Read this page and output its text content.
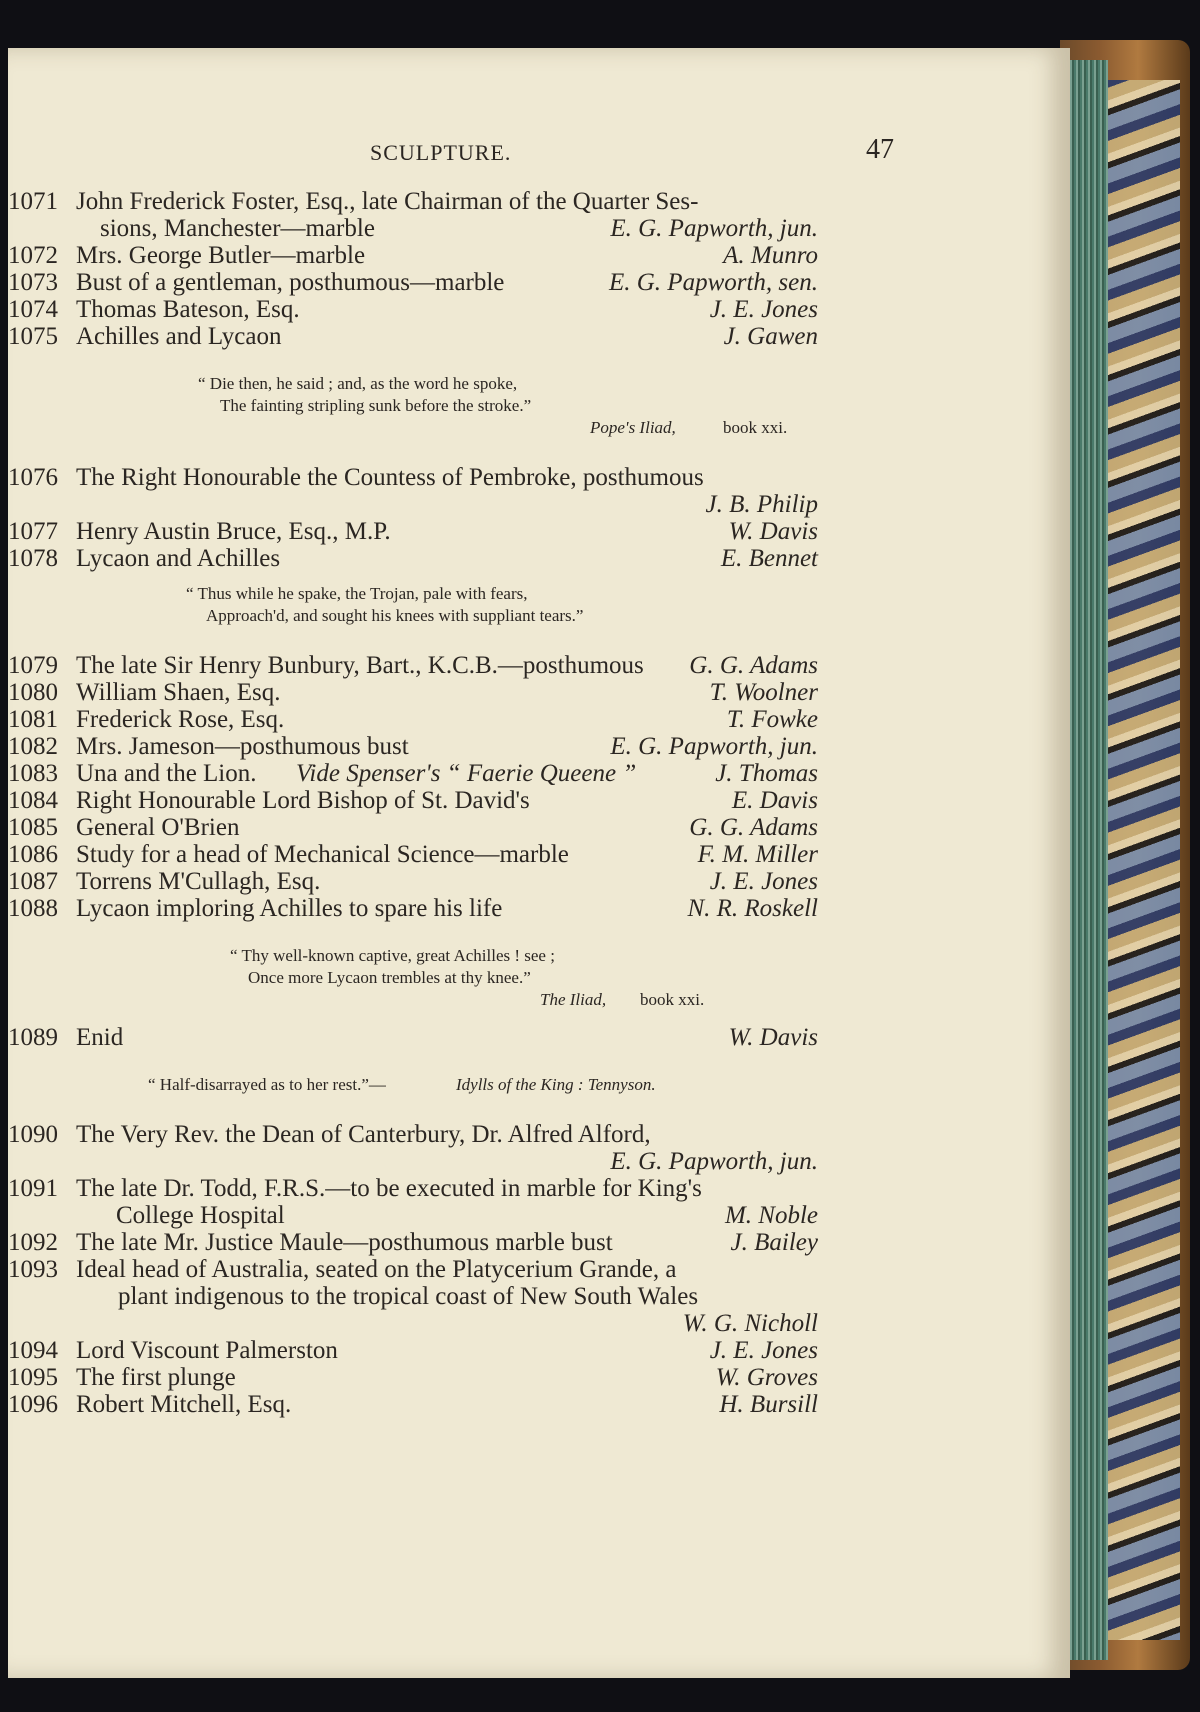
SCULPTURE.	47
1071 John Frederick Foster, Esq., late Chairman of the Quarter Ses-
sions, Manchester—marble	E. G. Papworth, jun.
1072 Mrs. George Butler—marble	A. Munro
1073 Bust of a gentleman, posthumous—marble	E. G. Papworth, sen.
1074 Thomas Bateson, Esq.	J. E. Jones
1075 Achilles and Lycaon	J. Gawen
“ Die then, he said ; and, as the word he spoke,
The fainting stripling sunk before the stroke.”
Pope's Iliad,	book xxi.
1076 The Right Honourable the Countess of Pembroke, posthumous
J. B. Philip
1077 Henry Austin Bruce, Esq., M.P.	W. Davis
1078 Lycaon and Achilles	E. Bennet
“ Thus while he spake, the Trojan, pale with fears,
Approach'd, and sought his knees with suppliant tears.”
1079 The late Sir Henry Bunbury, Bart., K.C.B.—posthumous G. G. Adams
1080 William Shaen, Esq.	T. Woolner
1081 Frederick Rose, Esq.	T. Fowke
1082 Mrs. Jameson—posthumous bust	E. G. Papworth, jun.
1083 Una and the Lion. Vide Spenser's “ Faerie Queene ”	J. Thomas
1084 Right Honourable Lord Bishop of St. David's	E. Davis
1085 General O'Brien	G. G. Adams
1086 Study for a head of Mechanical Science—marble	F. M. Miller
1087 Torrens M'Cullagh, Esq.	J. E. Jones
1088 Lycaon imploring Achilles to spare his life	N. R. Roskell
“ Thy well-known captive, great Achilles ! see ;
Once more Lycaon trembles at thy knee.”
The Iliad, book xxi.
1089 Enid	W. Davis
“ Half-disarrayed as to her rest.”—	Idylls of the King : Tennyson.
1090 The Very Rev. the Dean of Canterbury, Dr. Alfred Alford,
E. G. Papworth, jun.
1091 The late Dr. Todd, F.R.S.—to be executed in marble for King's
College Hospital	M. Noble
1092 The late Mr. Justice Maule—posthumous marble bust	J. Bailey
1093 Ideal head of Australia, seated on the Platycerium Grande, a
plant indigenous to the tropical coast of New South Wales
W. G. Nicholl
1094 Lord Viscount Palmerston	J. E. Jones
1095 The first plunge	W. Groves
1096 Robert Mitchell, Esq.	H. Bursill
